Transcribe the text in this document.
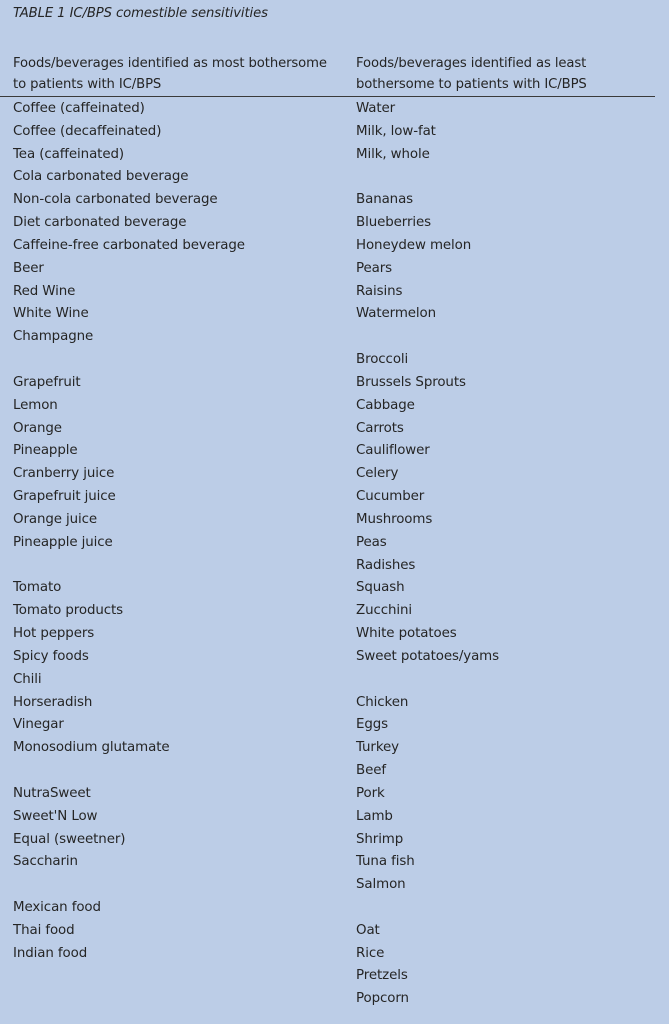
TABLE 1 IC/BPS comestible sensitivities
Foods/beverages identified as most bothersome to patients with IC/BPS
Foods/beverages identified as least bothersome to patients with IC/BPS
Coffee (caffeinated)
Coffee (decaffeinated)
Tea (caffeinated)
Cola carbonated beverage
Non-cola carbonated beverage
Diet carbonated beverage
Caffeine-free carbonated beverage
Beer
Red Wine
White Wine
Champagne
Grapefruit
Lemon
Orange
Pineapple
Cranberry juice
Grapefruit juice
Orange juice
Pineapple juice
Tomato
Tomato products
Hot peppers
Spicy foods
Chili
Horseradish
Vinegar
Monosodium glutamate
NutraSweet
Sweet'N Low
Equal (sweetner)
Saccharin
Mexican food
Thai food
Indian food
Water
Milk, low-fat
Milk, whole
Bananas
Blueberries
Honeydew melon
Pears
Raisins
Watermelon
Broccoli
Brussels Sprouts
Cabbage
Carrots
Cauliflower
Celery
Cucumber
Mushrooms
Peas
Radishes
Squash
Zucchini
White potatoes
Sweet potatoes/yams
Chicken
Eggs
Turkey
Beef
Pork
Lamb
Shrimp
Tuna fish
Salmon
Oat
Rice
Pretzels
Popcorn
